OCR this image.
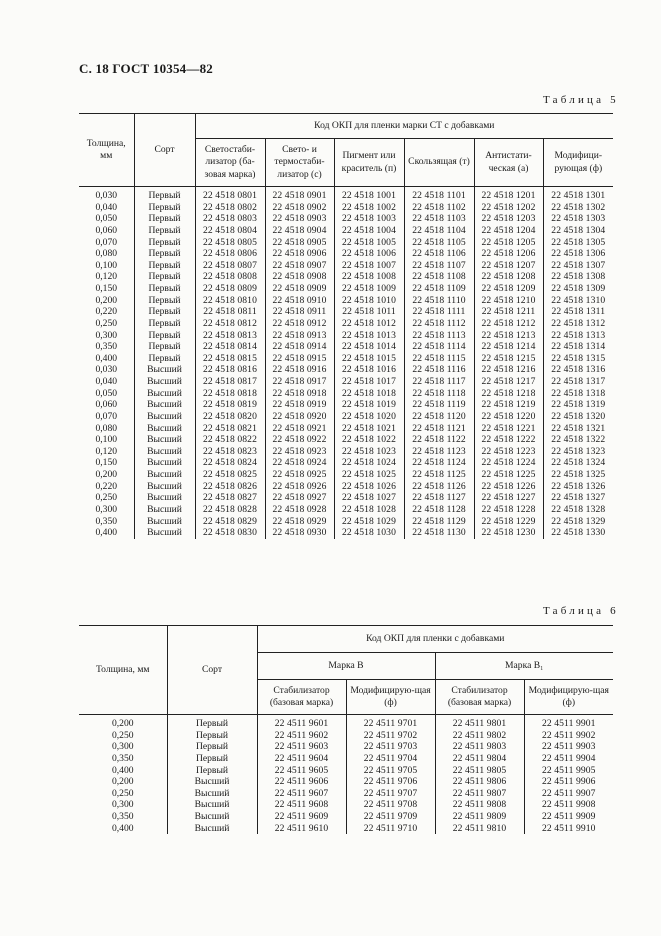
С. 18 ГОСТ 10354—82
Таблица 5
Толщина, мм	Сорт	Код ОКП для пленки марки СТ с добавками					
		Светостаби-лизатор (ба-зовая марка)	Свето- и термостаби-лизатор (с)	Пигмент или краситель (п)	Скользящая (т)	Антистати-ческая (а)	Модифици-рующая (ф)
0,030	Первый	22 4518 0801	22 4518 0901	22 4518 1001	22 4518 1101	22 4518 1201	22 4518 1301
0,040	Первый	22 4518 0802	22 4518 0902	22 4518 1002	22 4518 1102	22 4518 1202	22 4518 1302
0,050	Первый	22 4518 0803	22 4518 0903	22 4518 1003	22 4518 1103	22 4518 1203	22 4518 1303
0,060	Первый	22 4518 0804	22 4518 0904	22 4518 1004	22 4518 1104	22 4518 1204	22 4518 1304
0,070	Первый	22 4518 0805	22 4518 0905	22 4518 1005	22 4518 1105	22 4518 1205	22 4518 1305
0,080	Первый	22 4518 0806	22 4518 0906	22 4518 1006	22 4518 1106	22 4518 1206	22 4518 1306
0,100	Первый	22 4518 0807	22 4518 0907	22 4518 1007	22 4518 1107	22 4518 1207	22 4518 1307
0,120	Первый	22 4518 0808	22 4518 0908	22 4518 1008	22 4518 1108	22 4518 1208	22 4518 1308
0,150	Первый	22 4518 0809	22 4518 0909	22 4518 1009	22 4518 1109	22 4518 1209	22 4518 1309
0,200	Первый	22 4518 0810	22 4518 0910	22 4518 1010	22 4518 1110	22 4518 1210	22 4518 1310
0,220	Первый	22 4518 0811	22 4518 0911	22 4518 1011	22 4518 1111	22 4518 1211	22 4518 1311
0,250	Первый	22 4518 0812	22 4518 0912	22 4518 1012	22 4518 1112	22 4518 1212	22 4518 1312
0,300	Первый	22 4518 0813	22 4518 0913	22 4518 1013	22 4518 1113	22 4518 1213	22 4518 1313
0,350	Первый	22 4518 0814	22 4518 0914	22 4518 1014	22 4518 1114	22 4518 1214	22 4518 1314
0,400	Первый	22 4518 0815	22 4518 0915	22 4518 1015	22 4518 1115	22 4518 1215	22 4518 1315
0,030	Высший	22 4518 0816	22 4518 0916	22 4518 1016	22 4518 1116	22 4518 1216	22 4518 1316
0,040	Высший	22 4518 0817	22 4518 0917	22 4518 1017	22 4518 1117	22 4518 1217	22 4518 1317
0,050	Высший	22 4518 0818	22 4518 0918	22 4518 1018	22 4518 1118	22 4518 1218	22 4518 1318
0,060	Высший	22 4518 0819	22 4518 0919	22 4518 1019	22 4518 1119	22 4518 1219	22 4518 1319
0,070	Высший	22 4518 0820	22 4518 0920	22 4518 1020	22 4518 1120	22 4518 1220	22 4518 1320
0,080	Высший	22 4518 0821	22 4518 0921	22 4518 1021	22 4518 1121	22 4518 1221	22 4518 1321
0,100	Высший	22 4518 0822	22 4518 0922	22 4518 1022	22 4518 1122	22 4518 1222	22 4518 1322
0,120	Высший	22 4518 0823	22 4518 0923	22 4518 1023	22 4518 1123	22 4518 1223	22 4518 1323
0,150	Высший	22 4518 0824	22 4518 0924	22 4518 1024	22 4518 1124	22 4518 1224	22 4518 1324
0,200	Высший	22 4518 0825	22 4518 0925	22 4518 1025	22 4518 1125	22 4518 1225	22 4518 1325
0,220	Высший	22 4518 0826	22 4518 0926	22 4518 1026	22 4518 1126	22 4518 1226	22 4518 1326
0,250	Высший	22 4518 0827	22 4518 0927	22 4518 1027	22 4518 1127	22 4518 1227	22 4518 1327
0,300	Высший	22 4518 0828	22 4518 0928	22 4518 1028	22 4518 1128	22 4518 1228	22 4518 1328
0,350	Высший	22 4518 0829	22 4518 0929	22 4518 1029	22 4518 1129	22 4518 1229	22 4518 1329
0,400	Высший	22 4518 0830	22 4518 0930	22 4518 1030	22 4518 1130	22 4518 1230	22 4518 1330
Таблица 6
Толщина, мм	Сорт	Код ОКП для пленки с добавками			
		Марка В		Марка В₁	
		Стабилизатор (базовая марка)	Модифицирую-щая (ф)	Стабилизатор (базовая марка)	Модифицирую-щая (ф)
0,200	Первый	22 4511 9601	22 4511 9701	22 4511 9801	22 4511 9901
0,250	Первый	22 4511 9602	22 4511 9702	22 4511 9802	22 4511 9902
0,300	Первый	22 4511 9603	22 4511 9703	22 4511 9803	22 4511 9903
0,350	Первый	22 4511 9604	22 4511 9704	22 4511 9804	22 4511 9904
0,400	Первый	22 4511 9605	22 4511 9705	22 4511 9805	22 4511 9905
0,200	Высший	22 4511 9606	22 4511 9706	22 4511 9806	22 4511 9906
0,250	Высший	22 4511 9607	22 4511 9707	22 4511 9807	22 4511 9907
0,300	Высший	22 4511 9608	22 4511 9708	22 4511 9808	22 4511 9908
0,350	Высший	22 4511 9609	22 4511 9709	22 4511 9809	22 4511 9909
0,400	Высший	22 4511 9610	22 4511 9710	22 4511 9810	22 4511 9910
